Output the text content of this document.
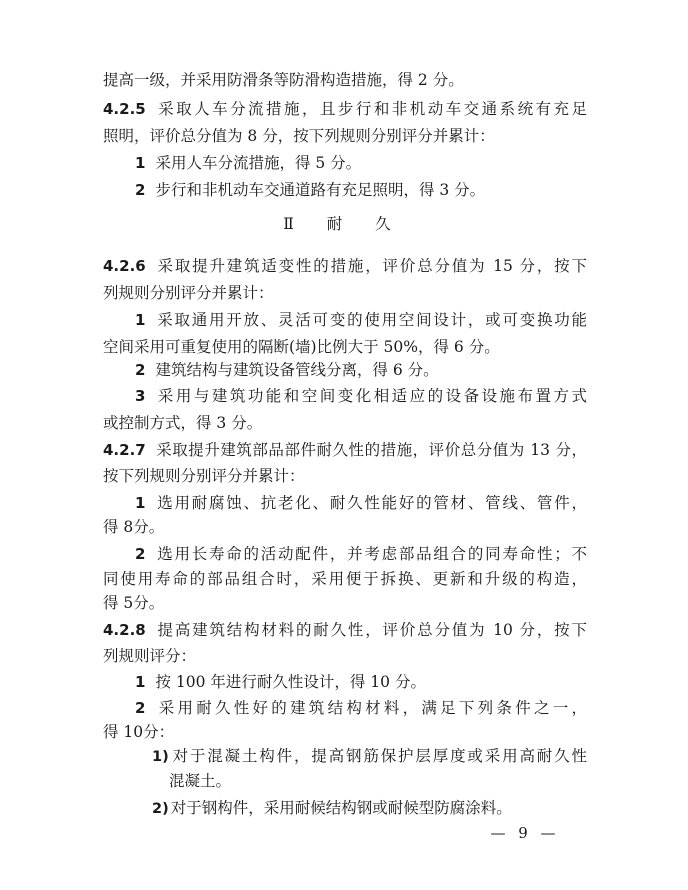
提高一级，并采用防滑条等防滑构造措施，得 2 分。
4.2.5 采取人车分流措施，且步行和非机动车交通系统有充足
照明，评价总分值为 8 分，按下列规则分别评分并累计：
1 采用人车分流措施，得 5 分。
2 步行和非机动车交通道路有充足照明，得 3 分。
Ⅱ 耐 久
4.2.6 采取提升建筑适变性的措施，评价总分值为 15 分，按下
列规则分别评分并累计：
1 采取通用开放、灵活可变的使用空间设计，或可变换功能
空间采用可重复使用的隔断(墙)比例大于 50%，得 6 分。
2 建筑结构与建筑设备管线分离，得 6 分。
3 采用与建筑功能和空间变化相适应的设备设施布置方式
或控制方式，得 3 分。
4.2.7 采取提升建筑部品部件耐久性的措施，评价总分值为 13 分，
按下列规则分别评分并累计：
1 选用耐腐蚀、抗老化、耐久性能好的管材、管线、管件，
得 8分。
2 选用长寿命的活动配件，并考虑部品组合的同寿命性；不
同使用寿命的部品组合时，采用便于拆换、更新和升级的构造，
得 5分。
4.2.8 提高建筑结构材料的耐久性，评价总分值为 10 分，按下
列规则评分：
1 按 100 年进行耐久性设计，得 10 分。
2 采用耐久性好的建筑结构材料，满足下列条件之一，
得 10分：
1) 对于混凝土构件，提高钢筋保护层厚度或采用高耐久性
混凝土。
2) 对于钢构件，采用耐候结构钢或耐候型防腐涂料。
— 9 —
